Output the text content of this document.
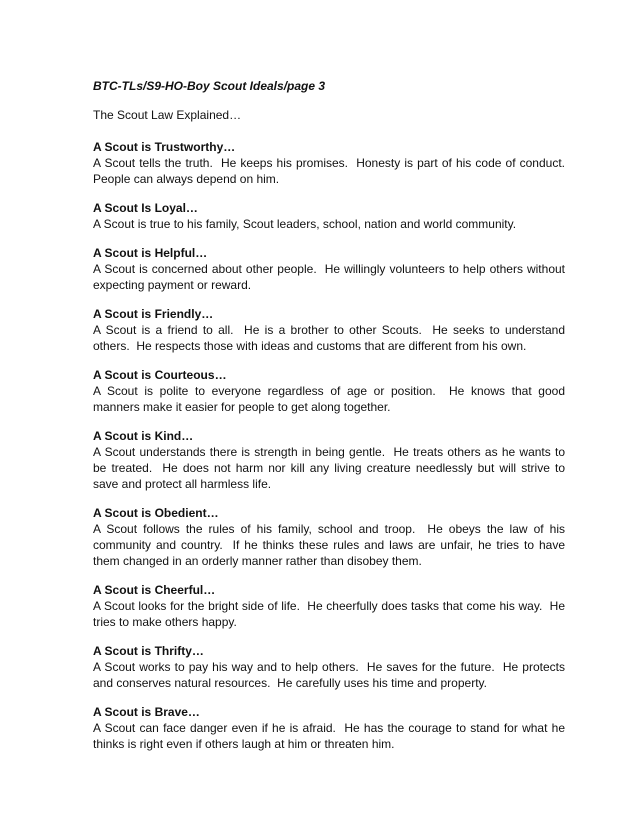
BTC-TLs/S9-HO-Boy Scout Ideals/page 3

The Scout Law Explained…

A Scout is Trustworthy…

A Scout tells the truth.  He keeps his promises.  Honesty is part of his code of conduct.  People can always depend on him.

A Scout Is Loyal…

A Scout is true to his family, Scout leaders, school, nation and world community.

A Scout is Helpful…

A Scout is concerned about other people.  He willingly volunteers to help others without expecting payment or reward.

A Scout is Friendly…

A Scout is a friend to all.  He is a brother to other Scouts.  He seeks to understand others.  He respects those with ideas and customs that are different from his own.

A Scout is Courteous…

A Scout is polite to everyone regardless of age or position.  He knows that good manners make it easier for people to get along together.

A Scout is Kind…

A Scout understands there is strength in being gentle.  He treats others as he wants to be treated.  He does not harm nor kill any living creature needlessly but will strive to save and protect all harmless life.

A Scout is Obedient…

A Scout follows the rules of his family, school and troop.  He obeys the law of his community and country.  If he thinks these rules and laws are unfair, he tries to have them changed in an orderly manner rather than disobey them.

A Scout is Cheerful…

A Scout looks for the bright side of life.  He cheerfully does tasks that come his way.  He tries to make others happy.

A Scout is Thrifty…

A Scout works to pay his way and to help others.  He saves for the future.  He protects and conserves natural resources.  He carefully uses his time and property.

A Scout is Brave…

A Scout can face danger even if he is afraid.  He has the courage to stand for what he thinks is right even if others laugh at him or threaten him.
